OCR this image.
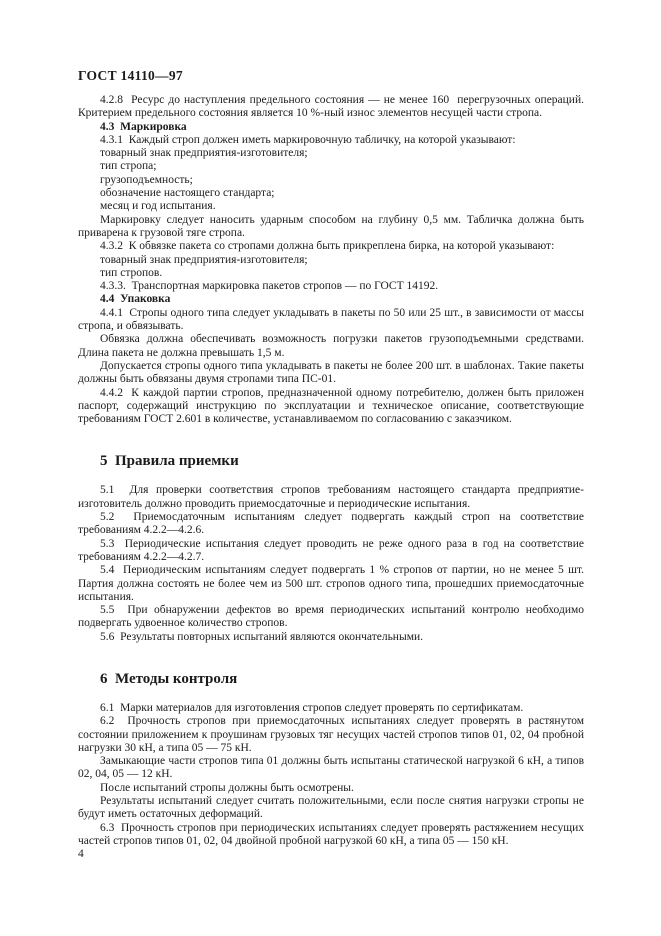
ГОСТ 14110—97

4.2.8  Ресурс до наступления предельного состояния — не менее 160  перегрузочных операций. Критерием предельного состояния является 10 %-ный износ элементов несущей части стропа.

4.3  Маркировка

4.3.1  Каждый строп должен иметь маркировочную табличку, на которой указывают:

товарный знак предприятия-изготовителя;

тип стропа;

грузоподъемность;

обозначение настоящего стандарта;

месяц и год испытания.

Маркировку следует наносить ударным способом на глубину 0,5 мм. Табличка должна быть приварена к грузовой тяге стропа.

4.3.2  К обвязке пакета со стропами должна быть прикреплена бирка, на которой указывают:

товарный знак предприятия-изготовителя;

тип стропов.

4.3.3.  Транспортная маркировка пакетов стропов — по ГОСТ 14192.

4.4  Упаковка

4.4.1  Стропы одного типа следует укладывать в пакеты по 50 или 25 шт., в зависимости от массы стропа, и обвязывать.

Обвязка должна обеспечивать возможность погрузки пакетов грузоподъемными средствами. Длина пакета не должна превышать 1,5 м.

Допускается стропы одного типа укладывать в пакеты не более 200 шт. в шаблонах. Такие пакеты должны быть обвязаны двумя стропами типа ПС-01.

4.4.2  К каждой партии стропов, предназначенной одному потребителю, должен быть приложен паспорт, содержащий инструкцию по эксплуатации и техническое описание, соответствующие требованиям ГОСТ 2.601 в количестве, устанавливаемом по согласованию с заказчиком.

5  Правила приемки

5.1  Для проверки соответствия стропов требованиям настоящего стандарта предприятие-изготовитель должно проводить приемосдаточные и периодические испытания.

5.2  Приемосдаточным испытаниям следует подвергать каждый строп на соответствие требованиям 4.2.2—4.2.6.

5.3  Периодические испытания следует проводить не реже одного раза в год на соответствие требованиям 4.2.2—4.2.7.

5.4  Периодическим испытаниям следует подвергать 1 % стропов от партии, но не менее 5 шт. Партия должна состоять не более чем из 500 шт. стропов одного типа, прошедших приемосдаточные испытания.

5.5  При обнаружении дефектов во время периодических испытаний контролю необходимо подвергать удвоенное количество стропов.

5.6  Результаты повторных испытаний являются окончательными.

6  Методы контроля

6.1  Марки материалов для изготовления стропов следует проверять по сертификатам.

6.2  Прочность стропов при приемосдаточных испытаниях следует проверять в растянутом состоянии приложением к проушинам грузовых тяг несущих частей стропов типов 01, 02, 04 пробной нагрузки 30 кН, а типа 05 — 75 кН.

Замыкающие части стропов типа 01 должны быть испытаны статической нагрузкой 6 кН, а типов 02, 04, 05 — 12 кН.

После испытаний стропы должны быть осмотрены.

Результаты испытаний следует считать положительными, если после снятия нагрузки стропы не будут иметь остаточных деформаций.

6.3  Прочность стропов при периодических испытаниях следует проверять растяжением несущих частей стропов типов 01, 02, 04 двойной пробной нагрузкой 60 кН, а типа 05 — 150 кН.

4
